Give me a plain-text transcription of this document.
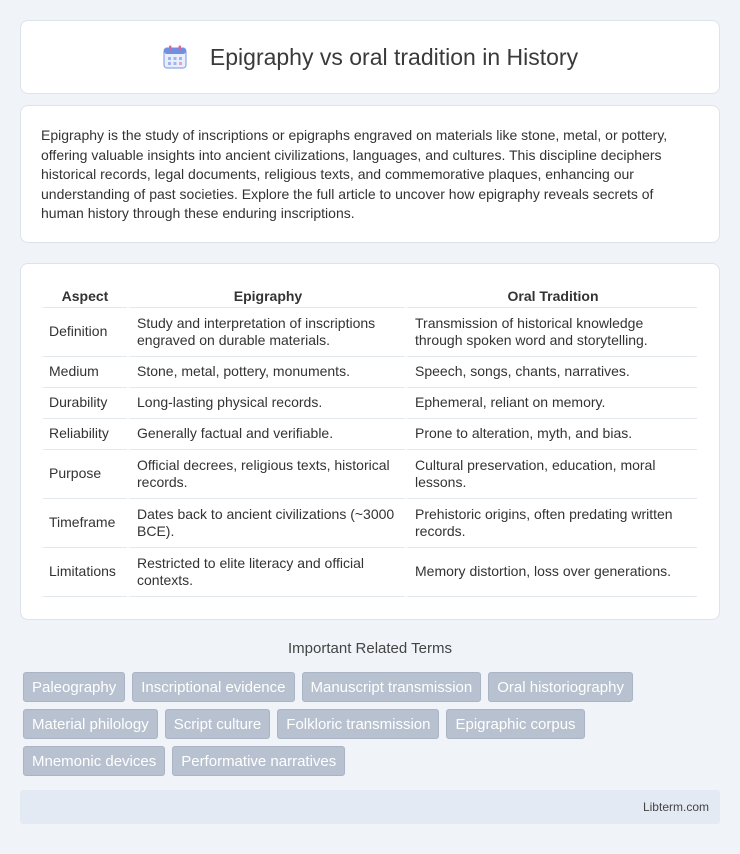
Epigraphy vs oral tradition in History

Epigraphy is the study of inscriptions or epigraphs engraved on materials like stone, metal, or pottery, offering valuable insights into ancient civilizations, languages, and cultures. This discipline deciphers historical records, legal documents, religious texts, and commemorative plaques, enhancing our understanding of past societies. Explore the full article to uncover how epigraphy reveals secrets of human history through these enduring inscriptions.

Aspect	Epigraphy	Oral Tradition
Definition	Study and interpretation of inscriptions engraved on durable materials.	Transmission of historical knowledge through spoken word and storytelling.
Medium	Stone, metal, pottery, monuments.	Speech, songs, chants, narratives.
Durability	Long-lasting physical records.	Ephemeral, reliant on memory.
Reliability	Generally factual and verifiable.	Prone to alteration, myth, and bias.
Purpose	Official decrees, religious texts, historical records.	Cultural preservation, education, moral lessons.
Timeframe	Dates back to ancient civilizations (~3000 BCE).	Prehistoric origins, often predating written records.
Limitations	Restricted to elite literacy and official contexts.	Memory distortion, loss over generations.
Important Related Terms
Paleography	Inscriptional evidence	Manuscript transmission	Oral historiography
Material philology	Script culture	Folkloric transmission	Epigraphic corpus
Mnemonic devices	Performative narratives
Libterm.com
